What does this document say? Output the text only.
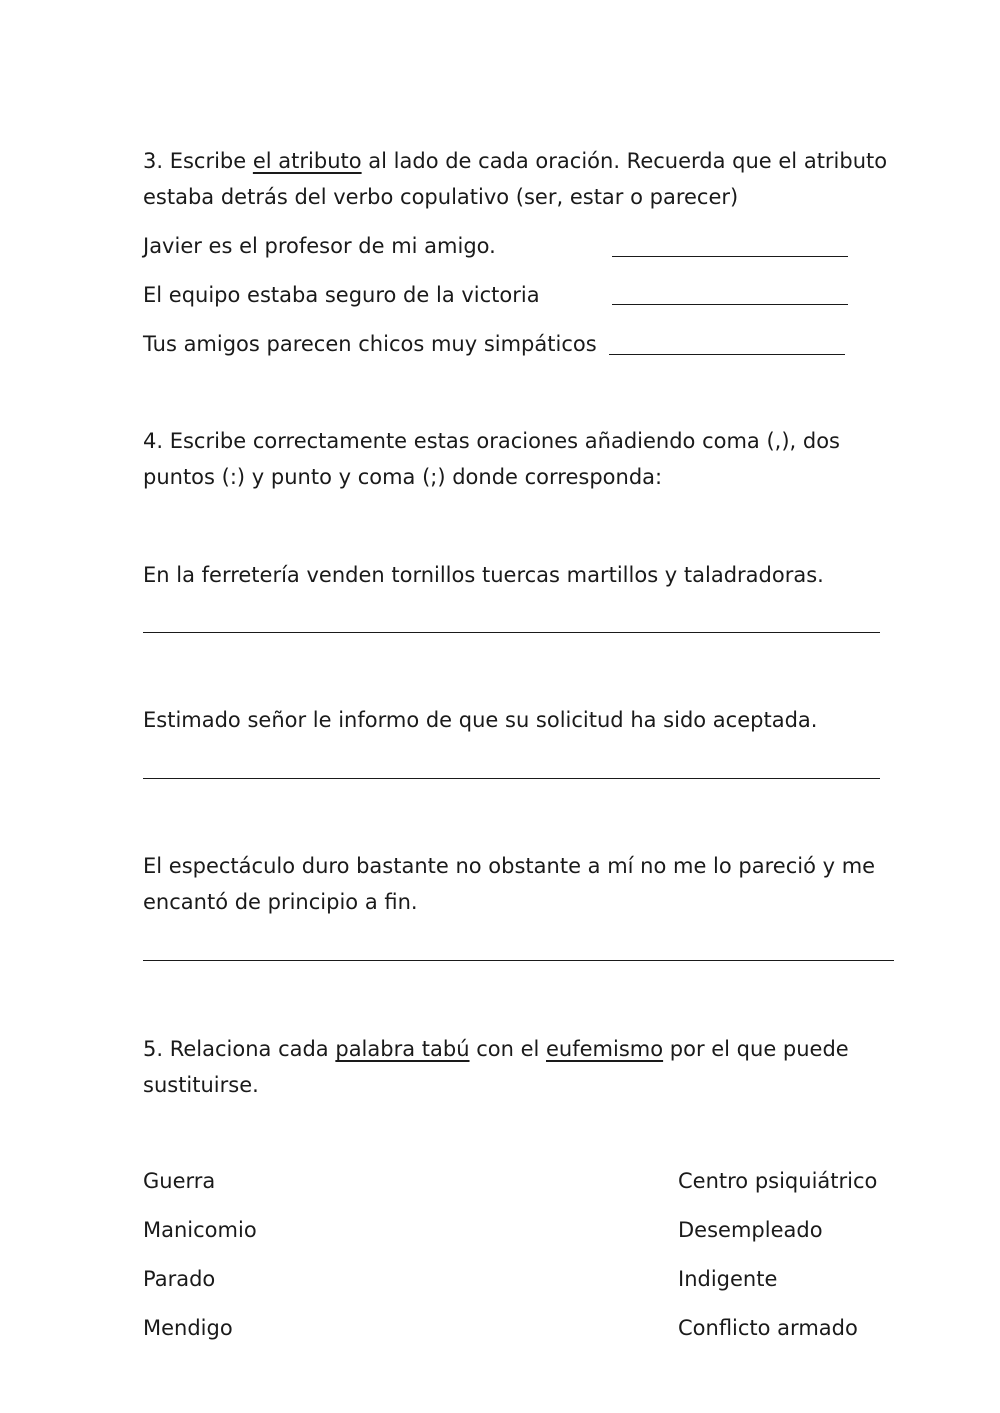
3. Escribe el atributo al lado de cada oración. Recuerda que el atributo
estaba detrás del verbo copulativo (ser, estar o parecer)
Javier es el profesor de mi amigo.
El equipo estaba seguro de la victoria
Tus amigos parecen chicos muy simpáticos
4. Escribe correctamente estas oraciones añadiendo coma (,), dos
puntos (:) y punto y coma (;) donde corresponda:
En la ferretería venden tornillos tuercas martillos y taladradoras.
Estimado señor le informo de que su solicitud ha sido aceptada.
El espectáculo duro bastante no obstante a mí no me lo pareció y me
encantó de principio a fin.
5. Relaciona cada palabra tabú con el eufemismo por el que puede
sustituirse.
Guerra
Manicomio
Parado
Mendigo
Centro psiquiátrico
Desempleado
Indigente
Conflicto armado
